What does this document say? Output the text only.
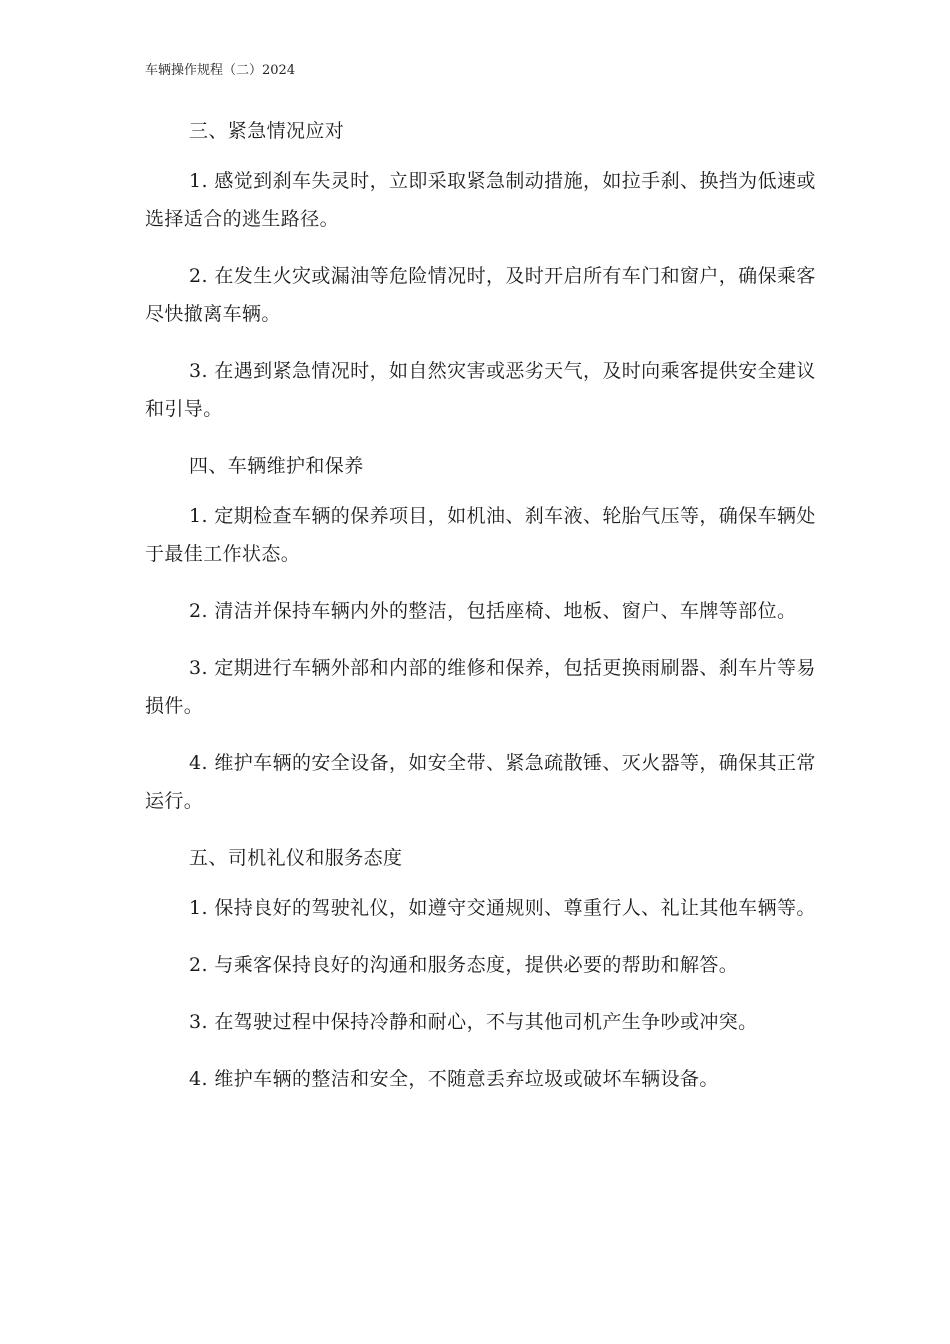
车辆操作规程（二）2024

三、紧急情况应对

1. 感觉到刹车失灵时，立即采取紧急制动措施，如拉手刹、换挡为低速或选择适合的逃生路径。

2. 在发生火灾或漏油等危险情况时，及时开启所有车门和窗户，确保乘客尽快撤离车辆。

3. 在遇到紧急情况时，如自然灾害或恶劣天气，及时向乘客提供安全建议和引导。

四、车辆维护和保养

1. 定期检查车辆的保养项目，如机油、刹车液、轮胎气压等，确保车辆处于最佳工作状态。

2. 清洁并保持车辆内外的整洁，包括座椅、地板、窗户、车牌等部位。

3. 定期进行车辆外部和内部的维修和保养，包括更换雨刷器、刹车片等易损件。

4. 维护车辆的安全设备，如安全带、紧急疏散锤、灭火器等，确保其正常运行。

五、司机礼仪和服务态度

1. 保持良好的驾驶礼仪，如遵守交通规则、尊重行人、礼让其他车辆等。

2. 与乘客保持良好的沟通和服务态度，提供必要的帮助和解答。

3. 在驾驶过程中保持冷静和耐心，不与其他司机产生争吵或冲突。

4. 维护车辆的整洁和安全，不随意丢弃垃圾或破坏车辆设备。
